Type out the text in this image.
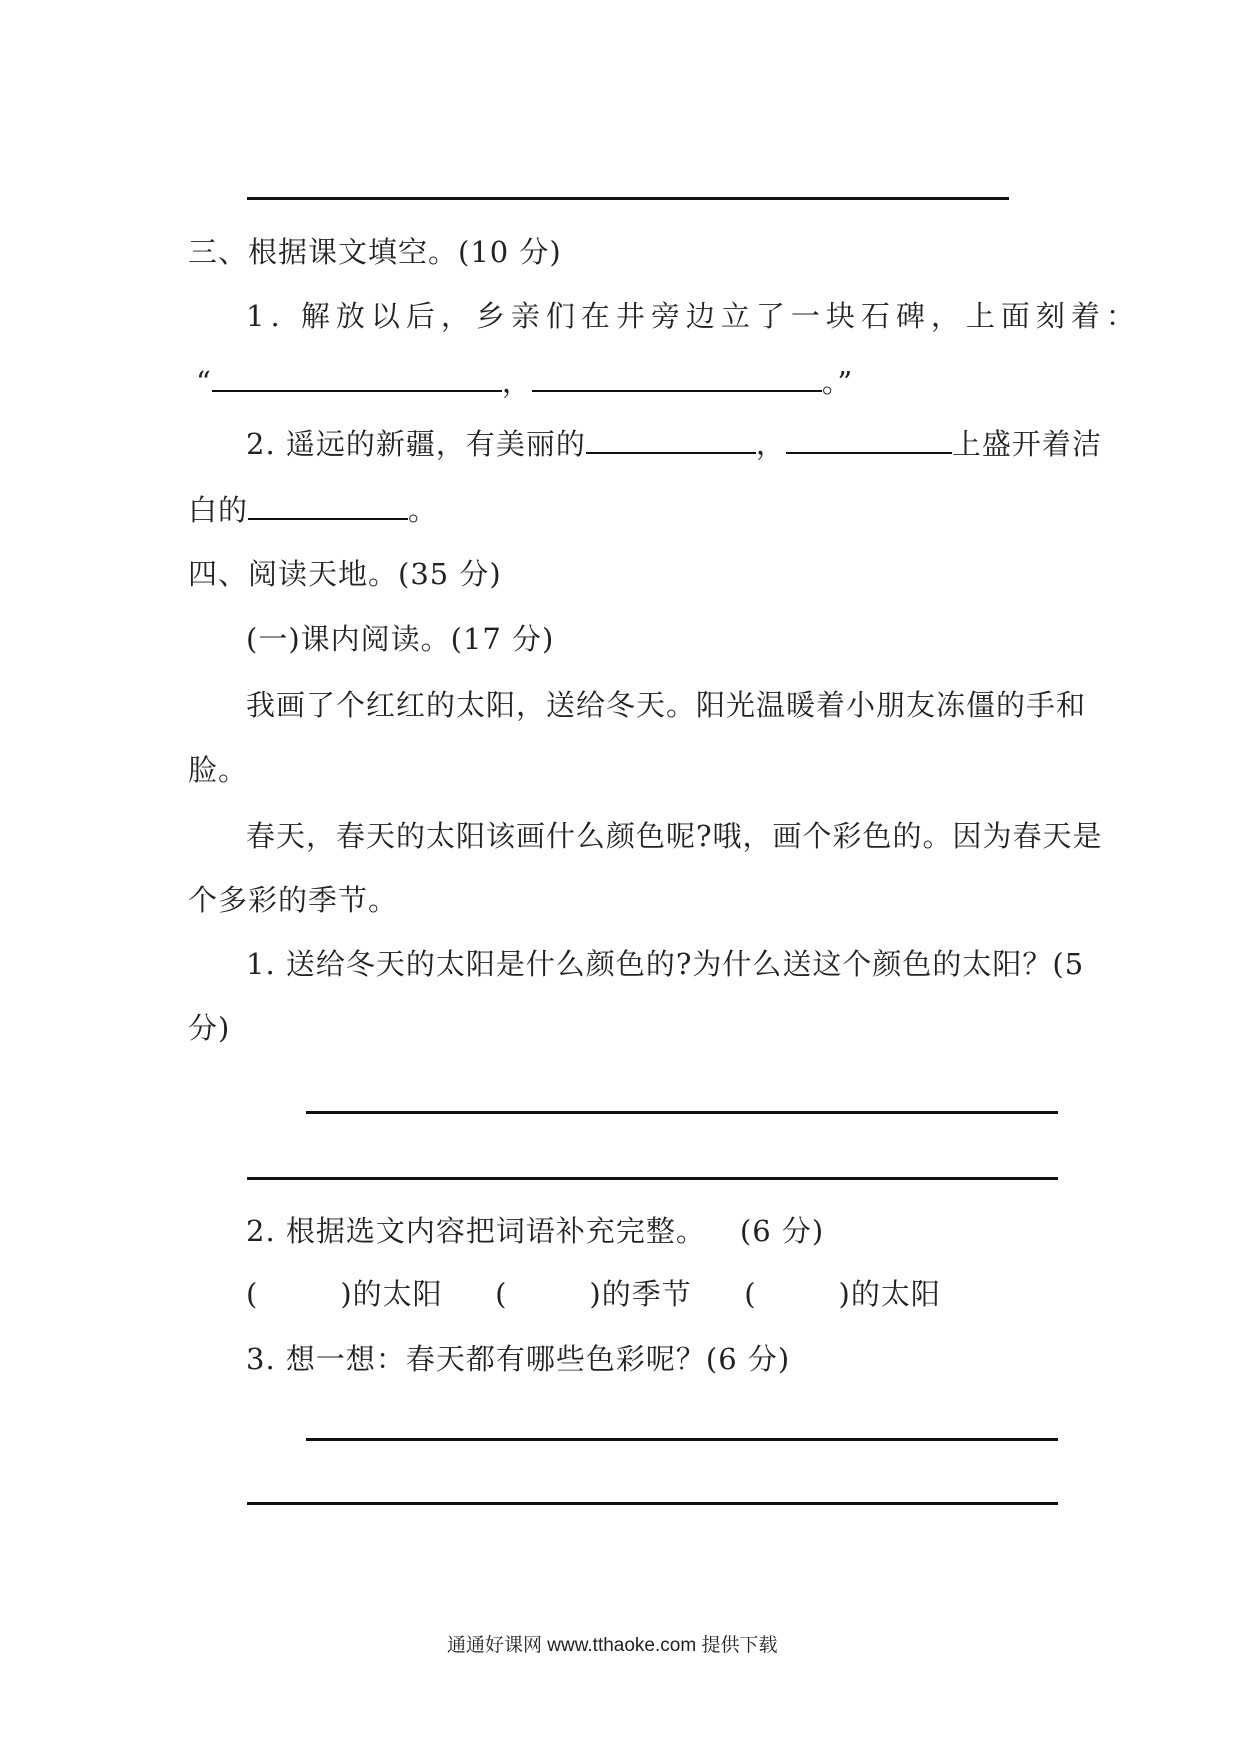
三、根据课文填空。(10 分)
1. 解放以后，乡亲们在井旁边立了一块石碑，上面刻着：
“	，	。”
2. 遥远的新疆，有美丽的	，	上盛开着洁
白的	。
四、阅读天地。(35 分)
(一)课内阅读。(17 分)
我画了个红红的太阳，送给冬天。阳光温暖着小朋友冻僵的手和
脸。
春天，春天的太阳该画什么颜色呢?哦，画个彩色的。因为春天是
个多彩的季节。
1. 送给冬天的太阳是什么颜色的?为什么送这个颜色的太阳？(5
分)
2. 根据选文内容把词语补充完整。 (6 分)
(	)的太阳 (	)的季节 (	)的太阳
3. 想一想：春天都有哪些色彩呢？(6 分)
通通好课网 www.tthaoke.com 提供下载
